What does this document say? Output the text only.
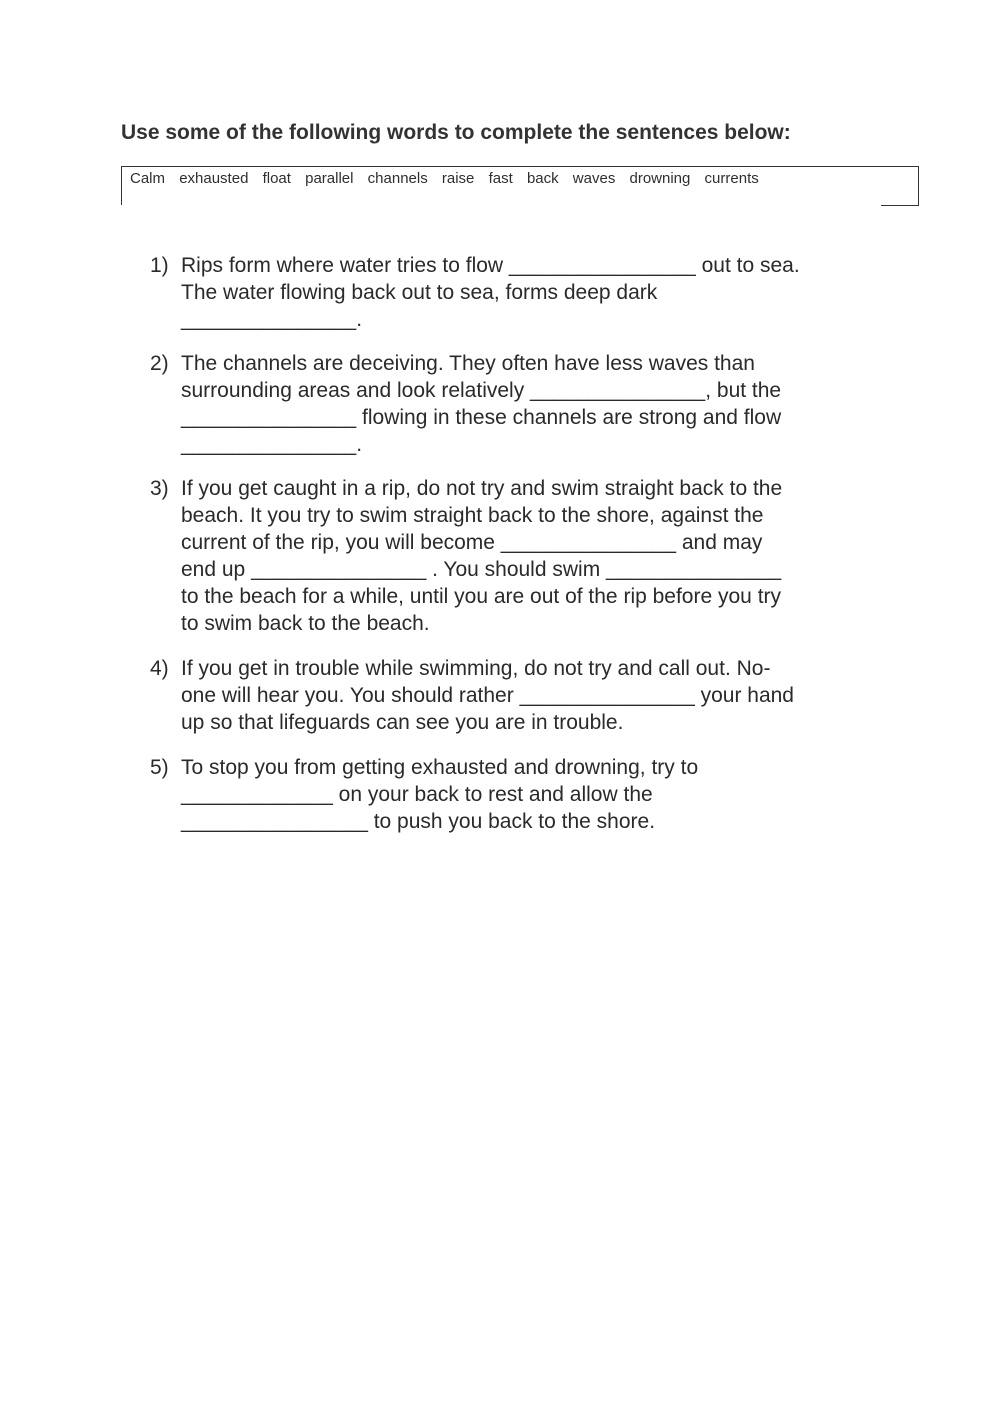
Use some of the following words to complete the sentences below:
Calm exhausted float parallel channels raise fast back waves drowning currents
1) Rips form where water tries to flow ________________ out to sea.
The water flowing back out to sea, forms deep dark
_______________.
2) The channels are deceiving. They often have less waves than
surrounding areas and look relatively _______________, but the
_______________ flowing in these channels are strong and flow
_______________.
3) If you get caught in a rip, do not try and swim straight back to the
beach. It you try to swim straight back to the shore, against the
current of the rip, you will become _______________ and may
end up _______________ . You should swim _______________
to the beach for a while, until you are out of the rip before you try
to swim back to the beach.
4) If you get in trouble while swimming, do not try and call out. No-
one will hear you. You should rather _______________ your hand
up so that lifeguards can see you are in trouble.
5) To stop you from getting exhausted and drowning, try to
_____________ on your back to rest and allow the
________________ to push you back to the shore.
